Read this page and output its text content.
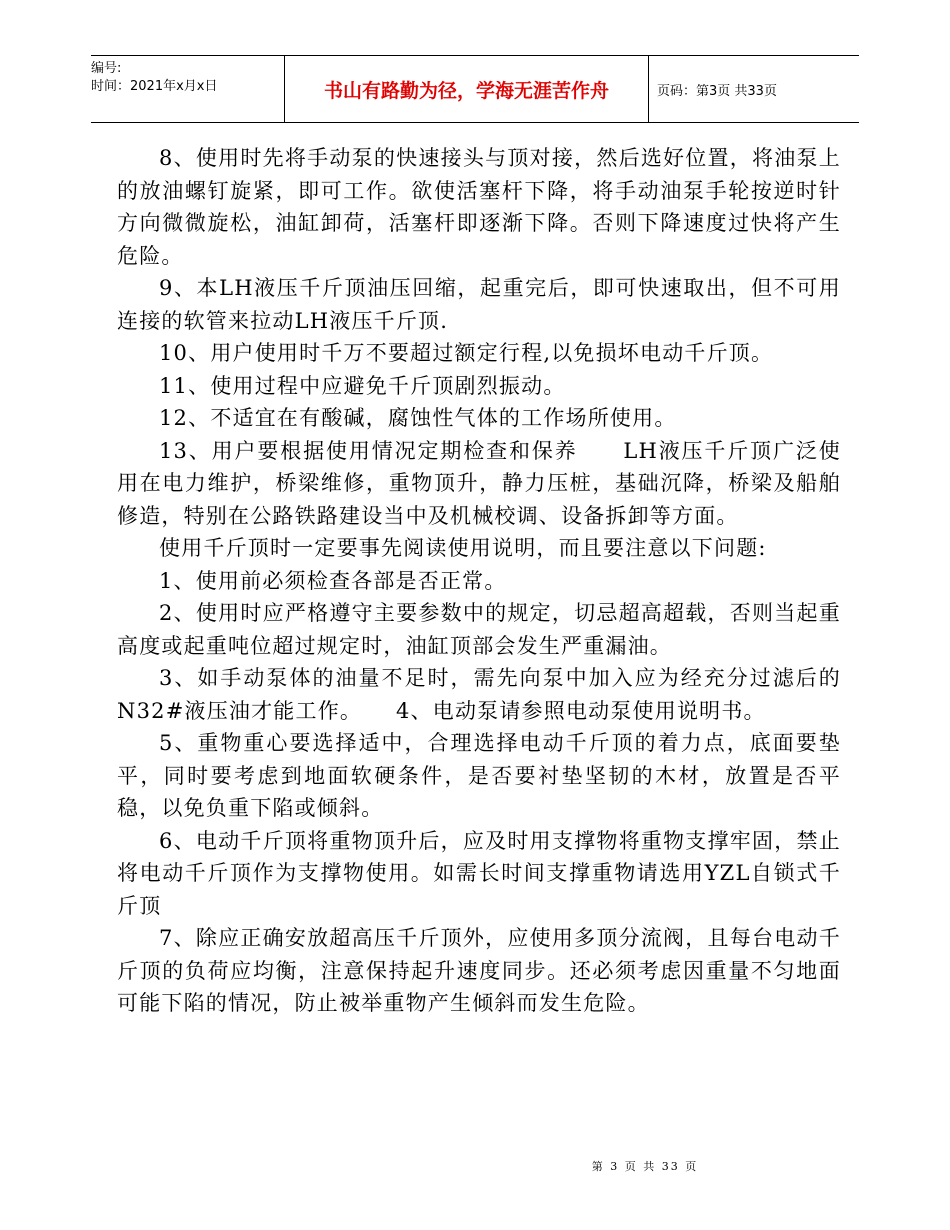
编号:
时间：2021年x月x日	书山有路勤为径，学海无涯苦作舟	页码：第3页 共33页

8、使用时先将手动泵的快速接头与顶对接，然后选好位置，将油泵上的放油螺钉旋紧，即可工作。欲使活塞杆下降，将手动油泵手轮按逆时针方向微微旋松，油缸卸荷，活塞杆即逐渐下降。否则下降速度过快将产生危险。

9、本LH液压千斤顶油压回缩，起重完后，即可快速取出，但不可用连接的软管来拉动LH液压千斤顶.

10、用户使用时千万不要超过额定行程,以免损坏电动千斤顶。

11、使用过程中应避免千斤顶剧烈振动。

12、不适宜在有酸碱，腐蚀性气体的工作场所使用。

13、用户要根据使用情况定期检查和保养　　LH液压千斤顶广泛使用在电力维护，桥梁维修，重物顶升，静力压桩，基础沉降，桥梁及船舶修造，特别在公路铁路建设当中及机械校调、设备拆卸等方面。

使用千斤顶时一定要事先阅读使用说明，而且要注意以下问题:

1、使用前必须检查各部是否正常。

2、使用时应严格遵守主要参数中的规定，切忌超高超载，否则当起重高度或起重吨位超过规定时，油缸顶部会发生严重漏油。

3、如手动泵体的油量不足时，需先向泵中加入应为经充分过滤后的N32#液压油才能工作。　　4、电动泵请参照电动泵使用说明书。

5、重物重心要选择适中，合理选择电动千斤顶的着力点，底面要垫平，同时要考虑到地面软硬条件，是否要衬垫坚韧的木材，放置是否平稳，以免负重下陷或倾斜。

6、电动千斤顶将重物顶升后，应及时用支撑物将重物支撑牢固，禁止将电动千斤顶作为支撑物使用。如需长时间支撑重物请选用YZL自锁式千斤顶

7、除应正确安放超高压千斤顶外，应使用多顶分流阀，且每台电动千斤顶的负荷应均衡，注意保持起升速度同步。还必须考虑因重量不匀地面可能下陷的情况，防止被举重物产生倾斜而发生危险。

第 3 页 共 33 页
